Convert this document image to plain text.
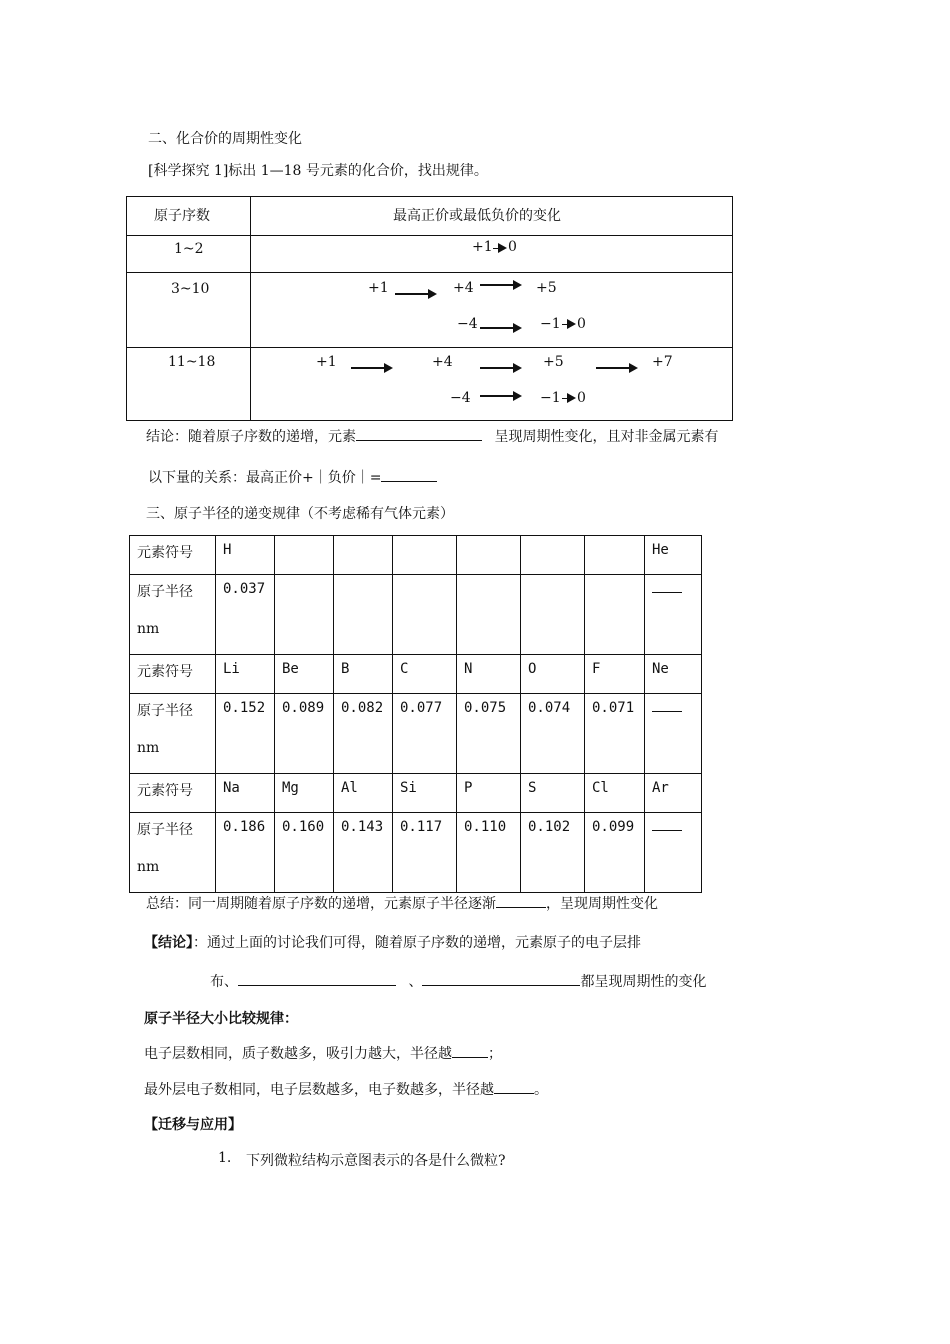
二、化合价的周期性变化
[科学探究 1]标出 1—18 号元素的化合价，找出规律。
原子序数	最高正价或最低负价的变化
1~2	+1 0
3~10	+1	+4	+5
−4	−1 0
11~18	+1	+4	+5	+7
−4	−1 0
结论：随着原子序数的递增，元素	呈现周期性变化，且对非金属元素有
以下量的关系：最高正价+｜负价｜=
三、原子半径的递变规律（不考虑稀有气体元素）
元素符号	H							He
原子半径
nm	0.037							
元素符号	Li	Be	B	C	N	O	F	Ne
原子半径
nm	0.152	0.089	0.082	0.077	0.075	0.074	0.071	
元素符号	Na	Mg	Al	Si	P	S	Cl	Ar
原子半径
nm	0.186	0.160	0.143	0.117	0.110	0.102	0.099	
总结：同一周期随着原子序数的递增，元素原子半径逐渐	，呈现周期性变化
【结论】：通过上面的讨论我们可得，随着原子序数的递增，元素原子的电子层排
布、	、	都呈现周期性的变化
原子半径大小比较规律：
电子层数相同，质子数越多，吸引力越大，半径越	；
最外层电子数相同，电子层数越多，电子数越多，半径越	。
【迁移与应用】
1. 下列微粒结构示意图表示的各是什么微粒?
